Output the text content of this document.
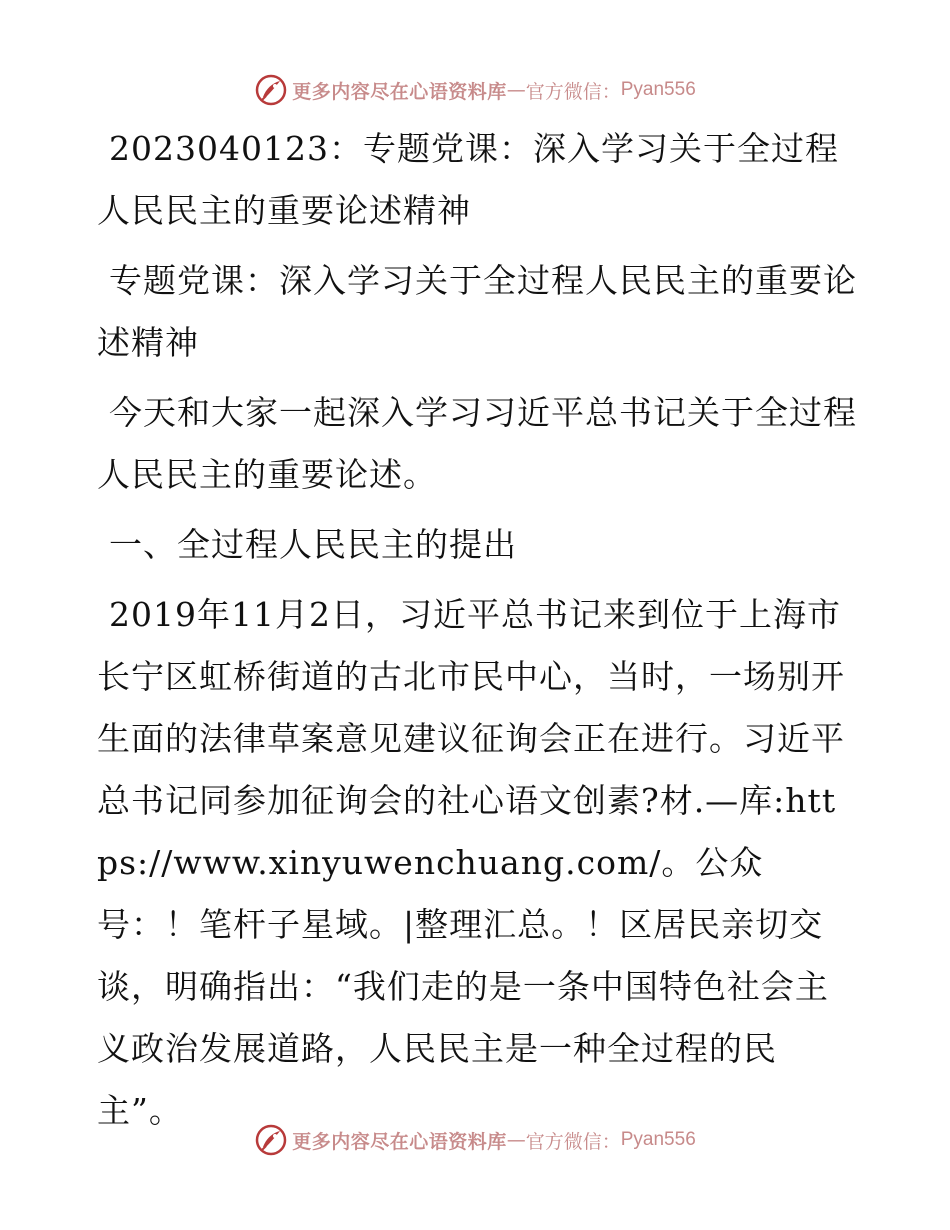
更多内容尽在心语资料库 — 官方微信： Pyan556

2023040123：专题党课：深入学习关于全过程人民民主的重要论述精神

专题党课：深入学习关于全过程人民民主的重要论述精神

今天和大家一起深入学习习近平总书记关于全过程人民民主的重要论述。

一、全过程人民民主的提出

2019年11月2日，习近平总书记来到位于上海市长宁区虹桥街道的古北市民中心，当时，一场别开生面的法律草案意见建议征询会正在进行。习近平总书记同参加征询会的社心语文创素?材.—库:https://www.xinyuwenchuang.com/。公众号：！笔杆子星域。|整理汇总。！区居民亲切交谈，明确指出：“我们走的是一条中国特色社会主义政治发展道路，人民民主是一种全过程的民主”。

更多内容尽在心语资料库 — 官方微信： Pyan556
